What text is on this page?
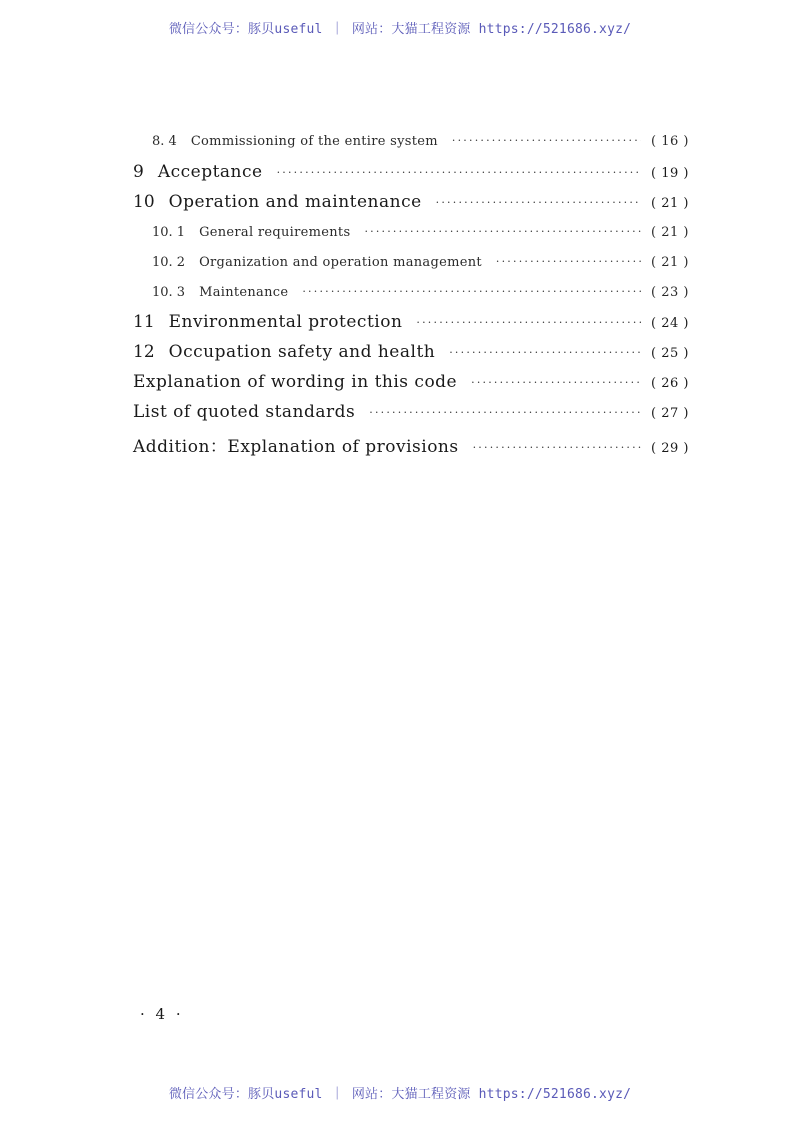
微信公众号：豚贝useful ｜ 网站：大猫工程资源 https://521686.xyz/
8. 4 Commissioning of the entire system ·····	( 16 )
9 Acceptance ·····	( 19 )
10 Operation and maintenance ·····	( 21 )
10. 1 General requirements ·····	( 21 )
10. 2 Organization and operation management ·····	( 21 )
10. 3 Maintenance ·····	( 23 )
11 Environmental protection ·····	( 24 )
12 Occupation safety and health ·····	( 25 )
Explanation of wording in this code ·····	( 26 )
List of quoted standards ·····	( 27 )
Addition：Explanation of provisions ·····	( 29 )
· 4 ·
微信公众号：豚贝useful ｜ 网站：大猫工程资源 https://521686.xyz/
